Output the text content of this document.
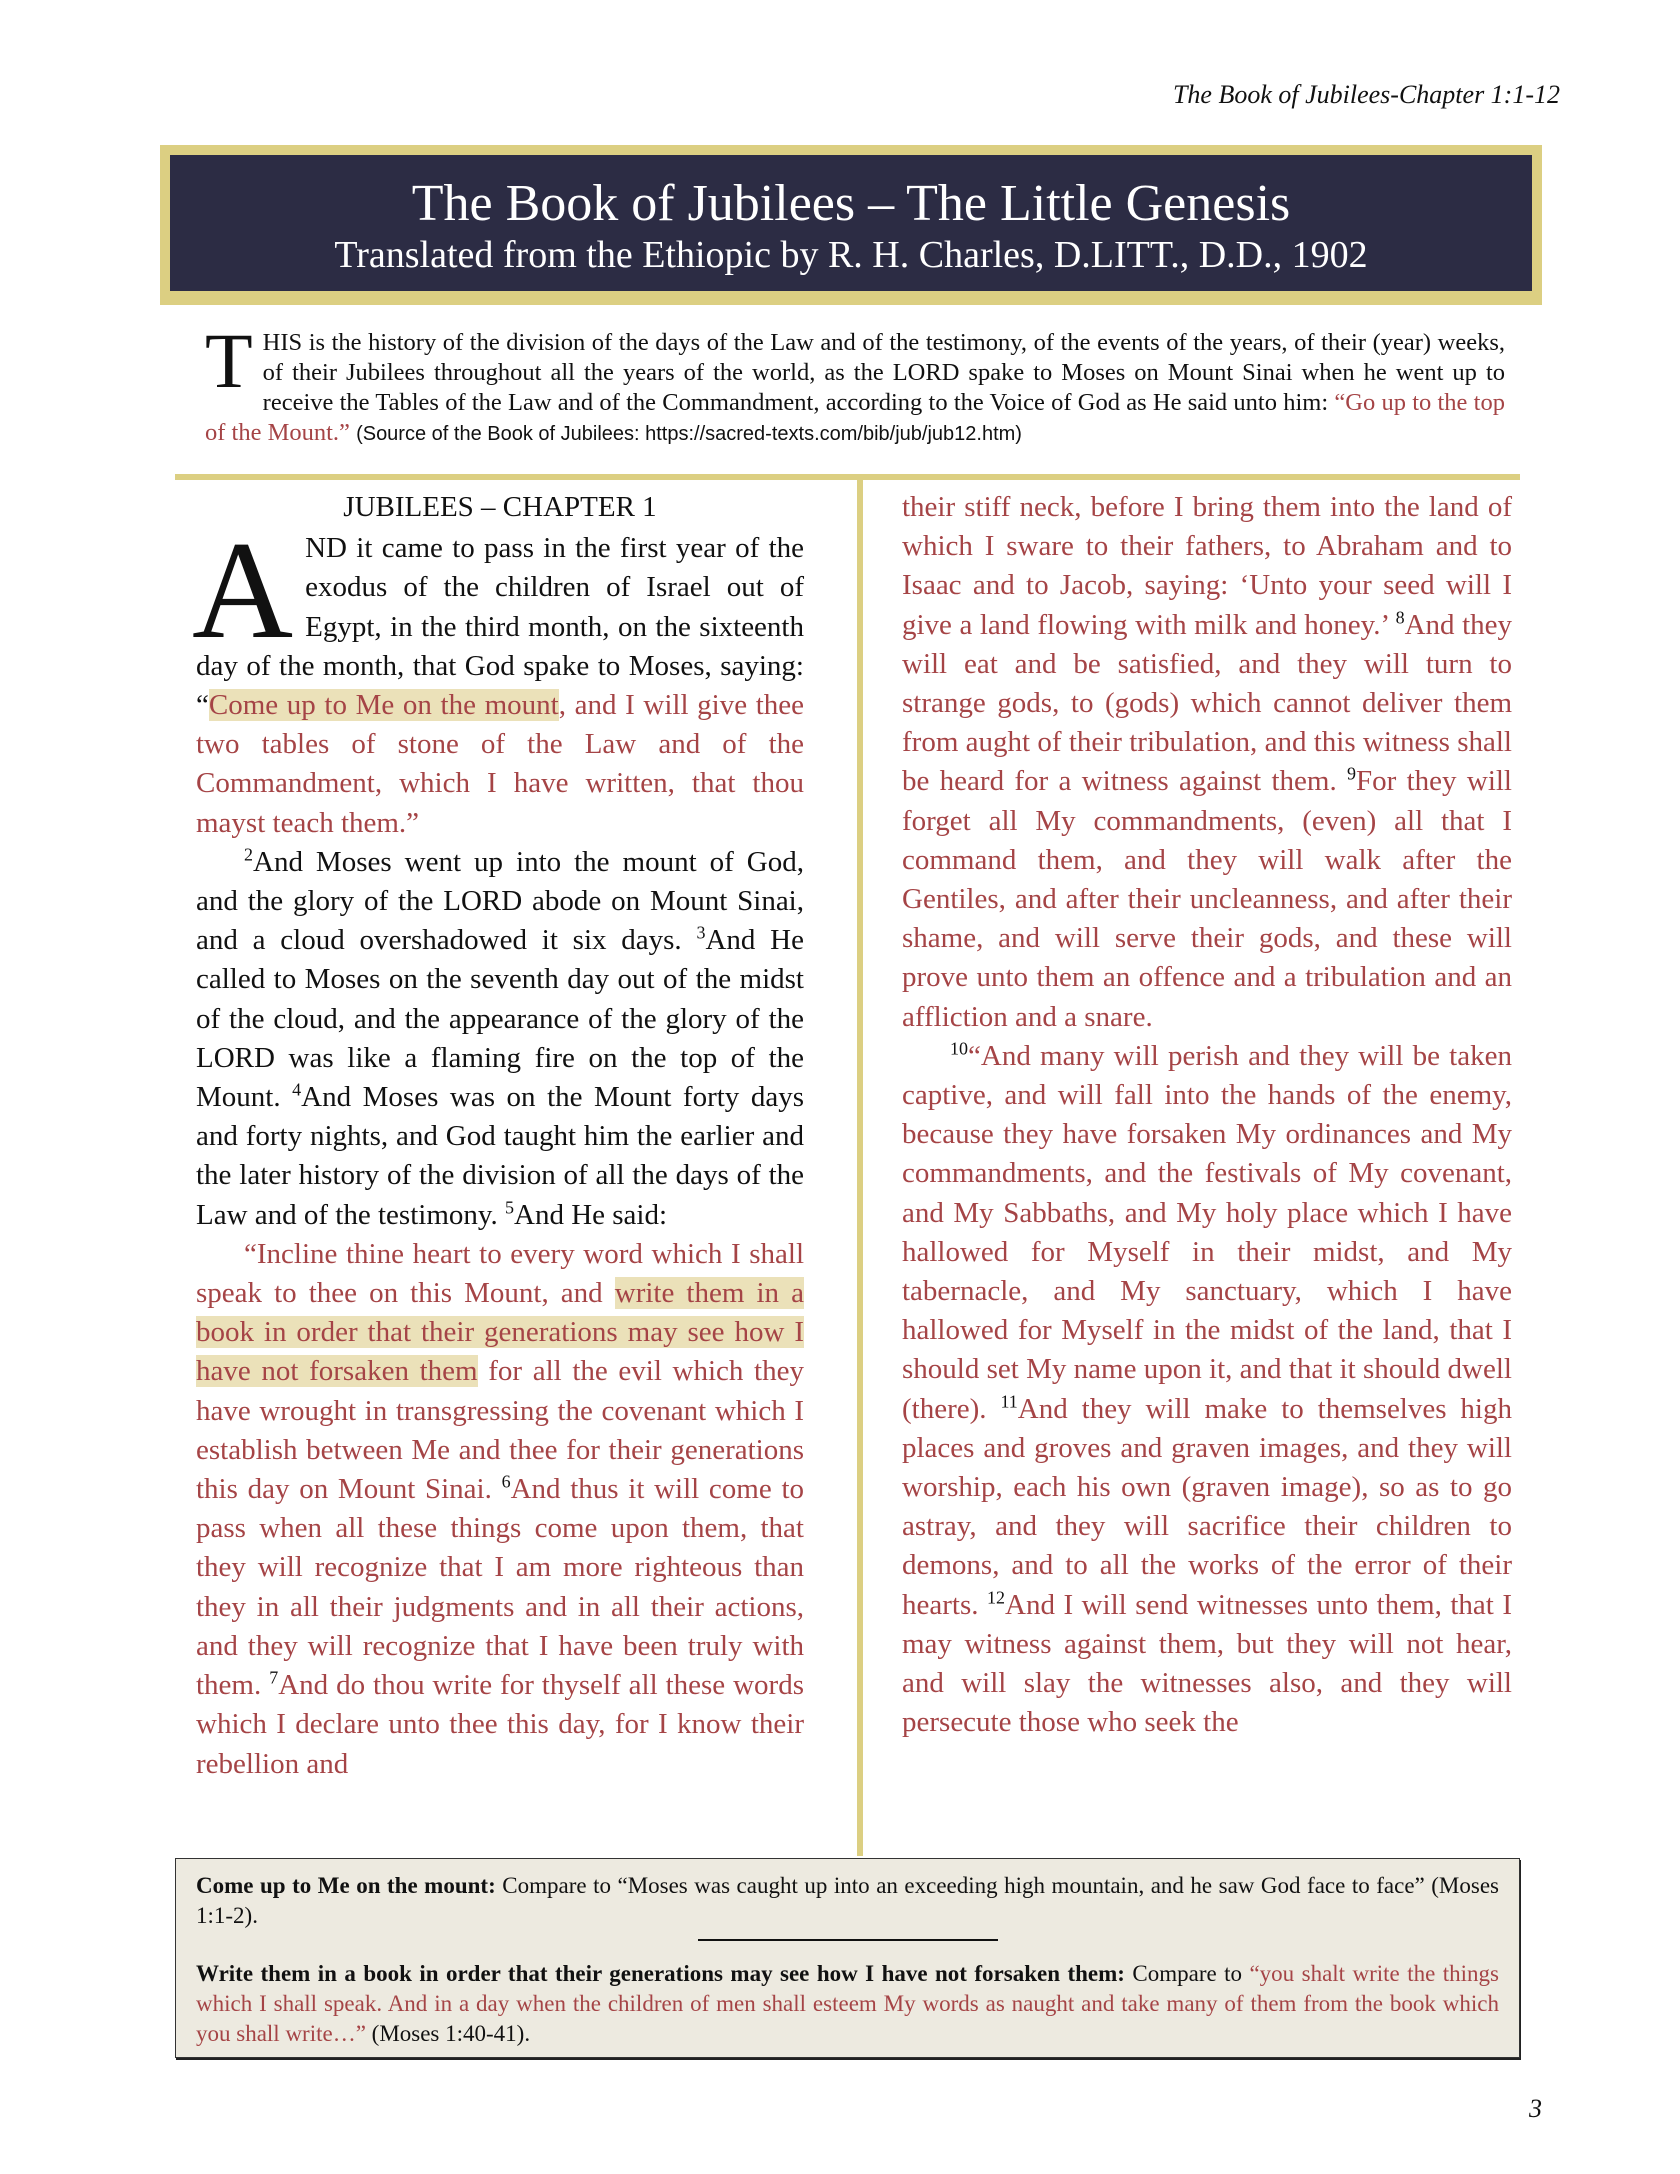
The Book of Jubilees-Chapter 1:1-12
The Book of Jubilees – The Little Genesis
Translated from the Ethiopic by R. H. Charles, D.LITT., D.D., 1902
THIS is the history of the division of the days of the Law and of the testimony, of the events of the years, of their (year) weeks, of their Jubilees throughout all the years of the world, as the LORD spake to Moses on Mount Sinai when he went up to receive the Tables of the Law and of the Commandment, according to the Voice of God as He said unto him: “Go up to the top of the Mount.” (Source of the Book of Jubilees: https://sacred-texts.com/bib/jub/jub12.htm)
JUBILEES – CHAPTER 1

AND it came to pass in the first year of the exodus of the children of Israel out of Egypt, in the third month, on the sixteenth day of the month, that God spake to Moses, saying: “Come up to Me on the mount, and I will give thee two tables of stone of the Law and of the Commandment, which I have written, that thou mayst teach them.”

$^2$And Moses went up into the mount of God, and the glory of the LORD abode on Mount Sinai, and a cloud overshadowed it six days. $^3$And He called to Moses on the seventh day out of the midst of the cloud, and the appearance of the glory of the LORD was like a flaming fire on the top of the Mount. $^4$And Moses was on the Mount forty days and forty nights, and God taught him the earlier and the later history of the division of all the days of the Law and of the testimony. $^5$And He said:

“Incline thine heart to every word which I shall speak to thee on this Mount, and write them in a book in order that their generations may see how I have not forsaken them for all the evil which they have wrought in transgressing the covenant which I establish between Me and thee for their generations this day on Mount Sinai. $^6$And thus it will come to pass when all these things come upon them, that they will recognize that I am more righteous than they in all their judgments and in all their actions, and they will recognize that I have been truly with them. $^7$And do thou write for thyself all these words which I declare unto thee this day, for I know their rebellion and

their stiff neck, before I bring them into the land of which I sware to their fathers, to Abraham and to Isaac and to Jacob, saying: ‘Unto your seed will I give a land flowing with milk and honey.’ $^8$And they will eat and be satisfied, and they will turn to strange gods, to (gods) which cannot deliver them from aught of their tribulation, and this witness shall be heard for a witness against them. $^9$For they will forget all My commandments, (even) all that I command them, and they will walk after the Gentiles, and after their uncleanness, and after their shame, and will serve their gods, and these will prove unto them an offence and a tribulation and an affliction and a snare.

$^{10}$“And many will perish and they will be taken captive, and will fall into the hands of the enemy, because they have forsaken My ordinances and My commandments, and the festivals of My covenant, and My Sabbaths, and My holy place which I have hallowed for Myself in their midst, and My tabernacle, and My sanctuary, which I have hallowed for Myself in the midst of the land, that I should set My name upon it, and that it should dwell (there). $^{11}$And they will make to themselves high places and groves and graven images, and they will worship, each his own (graven image), so as to go astray, and they will sacrifice their children to demons, and to all the works of the error of their hearts. $^{12}$And I will send witnesses unto them, that I may witness against them, but they will not hear, and will slay the witnesses also, and they will persecute those who seek the

Come up to Me on the mount: Compare to “Moses was caught up into an exceeding high mountain, and he saw God face to face” (Moses 1:1-2).
Write them in a book in order that their generations may see how I have not forsaken them: Compare to “you shalt write the things which I shall speak. And in a day when the children of men shall esteem My words as naught and take many of them from the book which you shall write…” (Moses 1:40-41).
3
